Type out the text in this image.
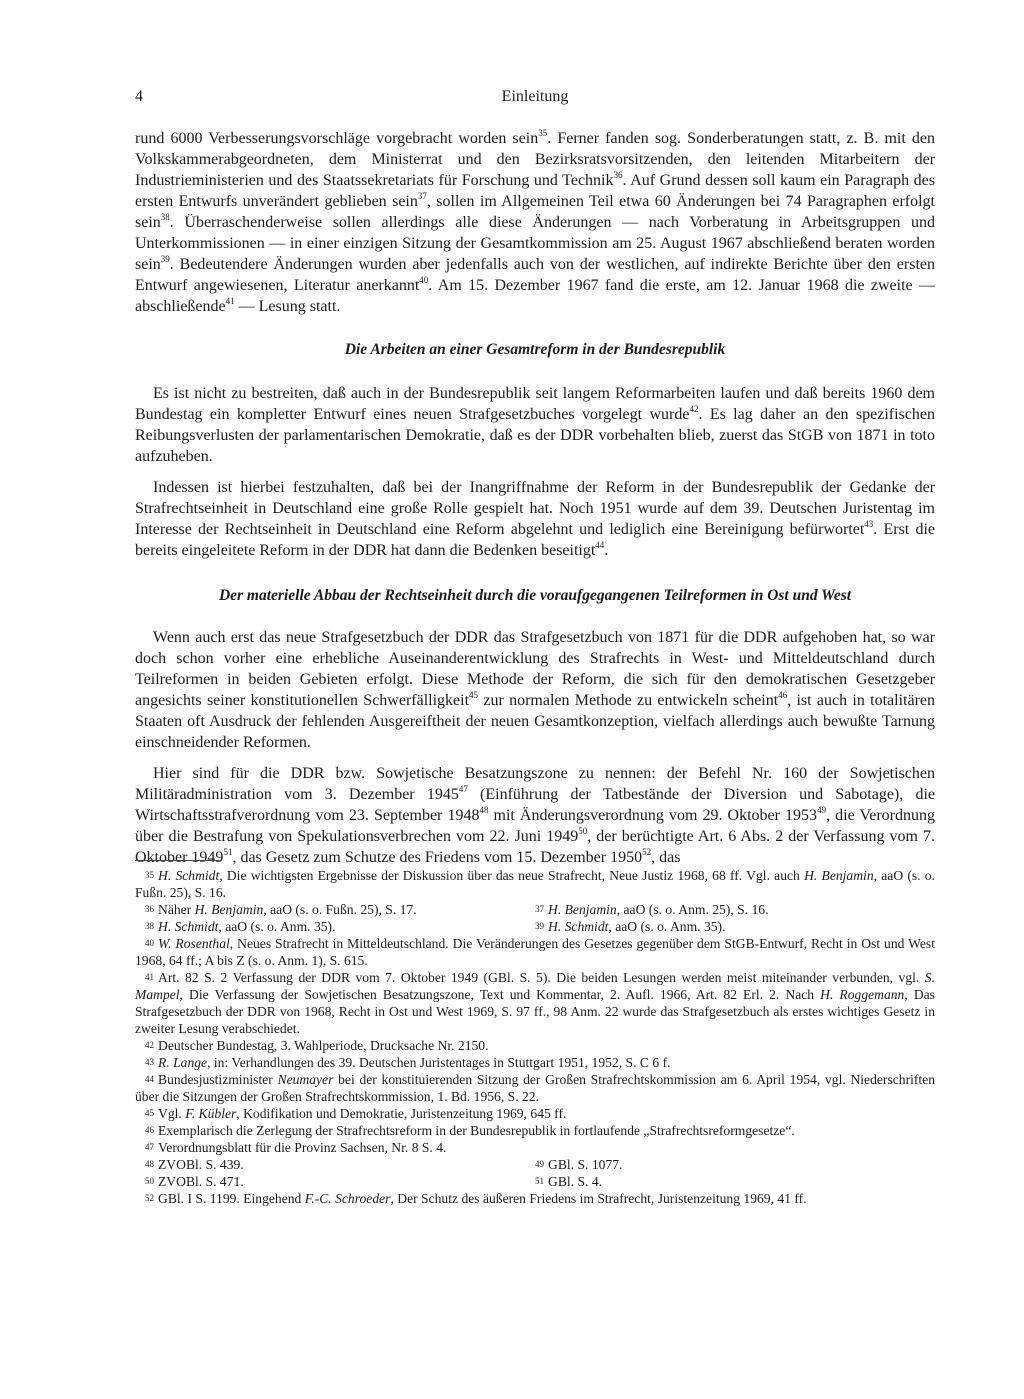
4	Einleitung

rund 6000 Verbesserungsvorschläge vorgebracht worden sein$^{35}$. Ferner fanden sog. Sonderberatungen statt, z. B. mit den Volkskammerabgeordneten, dem Ministerrat und den Bezirksratsvorsitzenden, den leitenden Mitarbeitern der Industrieministerien und des Staatssekretariats für Forschung und Technik$^{36}$. Auf Grund dessen soll kaum ein Paragraph des ersten Entwurfs unverändert geblieben sein$^{37}$, sollen im Allgemeinen Teil etwa 60 Änderungen bei 74 Paragraphen erfolgt sein$^{38}$. Überraschenderweise sollen allerdings alle diese Änderungen — nach Vorberatung in Arbeitsgruppen und Unterkommissionen — in einer einzigen Sitzung der Gesamtkommission am 25. August 1967 abschließend beraten worden sein$^{39}$. Bedeutendere Änderungen wurden aber jedenfalls auch von der westlichen, auf indirekte Berichte über den ersten Entwurf angewiesenen, Literatur anerkannt$^{40}$. Am 15. Dezember 1967 fand die erste, am 12. Januar 1968 die zweite — abschließende$^{41}$ — Lesung statt.

Die Arbeiten an einer Gesamtreform in der Bundesrepublik

Es ist nicht zu bestreiten, daß auch in der Bundesrepublik seit langem Reformarbeiten laufen und daß bereits 1960 dem Bundestag ein kompletter Entwurf eines neuen Strafgesetzbuches vorgelegt wurde$^{42}$. Es lag daher an den spezifischen Reibungsverlusten der parlamentarischen Demokratie, daß es der DDR vorbehalten blieb, zuerst das StGB von 1871 in toto aufzuheben.

Indessen ist hierbei festzuhalten, daß bei der Inangriffnahme der Reform in der Bundesrepublik der Gedanke der Strafrechtseinheit in Deutschland eine große Rolle gespielt hat. Noch 1951 wurde auf dem 39. Deutschen Juristentag im Interesse der Rechtseinheit in Deutschland eine Reform abgelehnt und lediglich eine Bereinigung befürwortet$^{43}$. Erst die bereits eingeleitete Reform in der DDR hat dann die Bedenken beseitigt$^{44}$.

Der materielle Abbau der Rechtseinheit durch die voraufgegangenen Teilreformen in Ost und West

Wenn auch erst das neue Strafgesetzbuch der DDR das Strafgesetzbuch von 1871 für die DDR aufgehoben hat, so war doch schon vorher eine erhebliche Auseinanderentwicklung des Strafrechts in West- und Mitteldeutschland durch Teilreformen in beiden Gebieten erfolgt. Diese Methode der Reform, die sich für den demokratischen Gesetzgeber angesichts seiner konstitutionellen Schwerfälligkeit$^{45}$ zur normalen Methode zu entwickeln scheint$^{46}$, ist auch in totalitären Staaten oft Ausdruck der fehlenden Ausgereiftheit der neuen Gesamtkonzeption, vielfach allerdings auch bewußte Tarnung einschneidender Reformen.

Hier sind für die DDR bzw. Sowjetische Besatzungszone zu nennen: der Befehl Nr. 160 der Sowjetischen Militäradministration vom 3. Dezember 1945$^{47}$ (Einführung der Tatbestände der Diversion und Sabotage), die Wirtschaftsstrafverordnung vom 23. September 1948$^{48}$ mit Änderungsverordnung vom 29. Oktober 1953$^{49}$, die Verordnung über die Bestrafung von Spekulationsverbrechen vom 22. Juni 1949$^{50}$, der berüchtigte Art. 6 Abs. 2 der Verfassung vom 7. Oktober 1949$^{51}$, das Gesetz zum Schutze des Friedens vom 15. Dezember 1950$^{52}$, das

35 H. Schmidt, Die wichtigsten Ergebnisse der Diskussion über das neue Strafrecht, Neue Justiz 1968, 68 ff. Vgl. auch H. Benjamin, aaO (s. o. Fußn. 25), S. 16.

36 Näher H. Benjamin, aaO (s. o. Fußn. 25), S. 17.	37 H. Benjamin, aaO (s. o. Anm. 25), S. 16.

38 H. Schmidt, aaO (s. o. Anm. 35).	39 H. Schmidt, aaO (s. o. Anm. 35).

40 W. Rosenthal, Neues Strafrecht in Mitteldeutschland. Die Veränderungen des Gesetzes gegenüber dem StGB-Entwurf, Recht in Ost und West 1968, 64 ff.; A bis Z (s. o. Anm. 1), S. 615.

41 Art. 82 S. 2 Verfassung der DDR vom 7. Oktober 1949 (GBl. S. 5). Die beiden Lesungen werden meist miteinander verbunden, vgl. S. Mampel, Die Verfassung der Sowjetischen Besatzungszone, Text und Kommentar, 2. Aufl. 1966, Art. 82 Erl. 2. Nach H. Roggemann, Das Strafgesetzbuch der DDR von 1968, Recht in Ost und West 1969, S. 97 ff., 98 Anm. 22 wurde das Strafgesetzbuch als erstes wichtiges Gesetz in zweiter Lesung verabschiedet.

42 Deutscher Bundestag, 3. Wahlperiode, Drucksache Nr. 2150.

43 R. Lange, in: Verhandlungen des 39. Deutschen Juristentages in Stuttgart 1951, 1952, S. C 6 f.

44 Bundesjustizminister Neumayer bei der konstituierenden Sitzung der Großen Strafrechtskommission am 6. April 1954, vgl. Niederschriften über die Sitzungen der Großen Strafrechtskommission, 1. Bd. 1956, S. 22.

45 Vgl. F. Kübler, Kodifikation und Demokratie, Juristenzeitung 1969, 645 ff.

46 Exemplarisch die Zerlegung der Strafrechtsreform in der Bundesrepublik in fortlaufende „Strafrechtsreformgesetze“.

47 Verordnungsblatt für die Provinz Sachsen, Nr. 8 S. 4.

48 ZVOBl. S. 439.	49 GBl. S. 1077.

50 ZVOBl. S. 471.	51 GBl. S. 4.

52 GBl. I S. 1199. Eingehend F.-C. Schroeder, Der Schutz des äußeren Friedens im Strafrecht, Juristenzeitung 1969, 41 ff.
